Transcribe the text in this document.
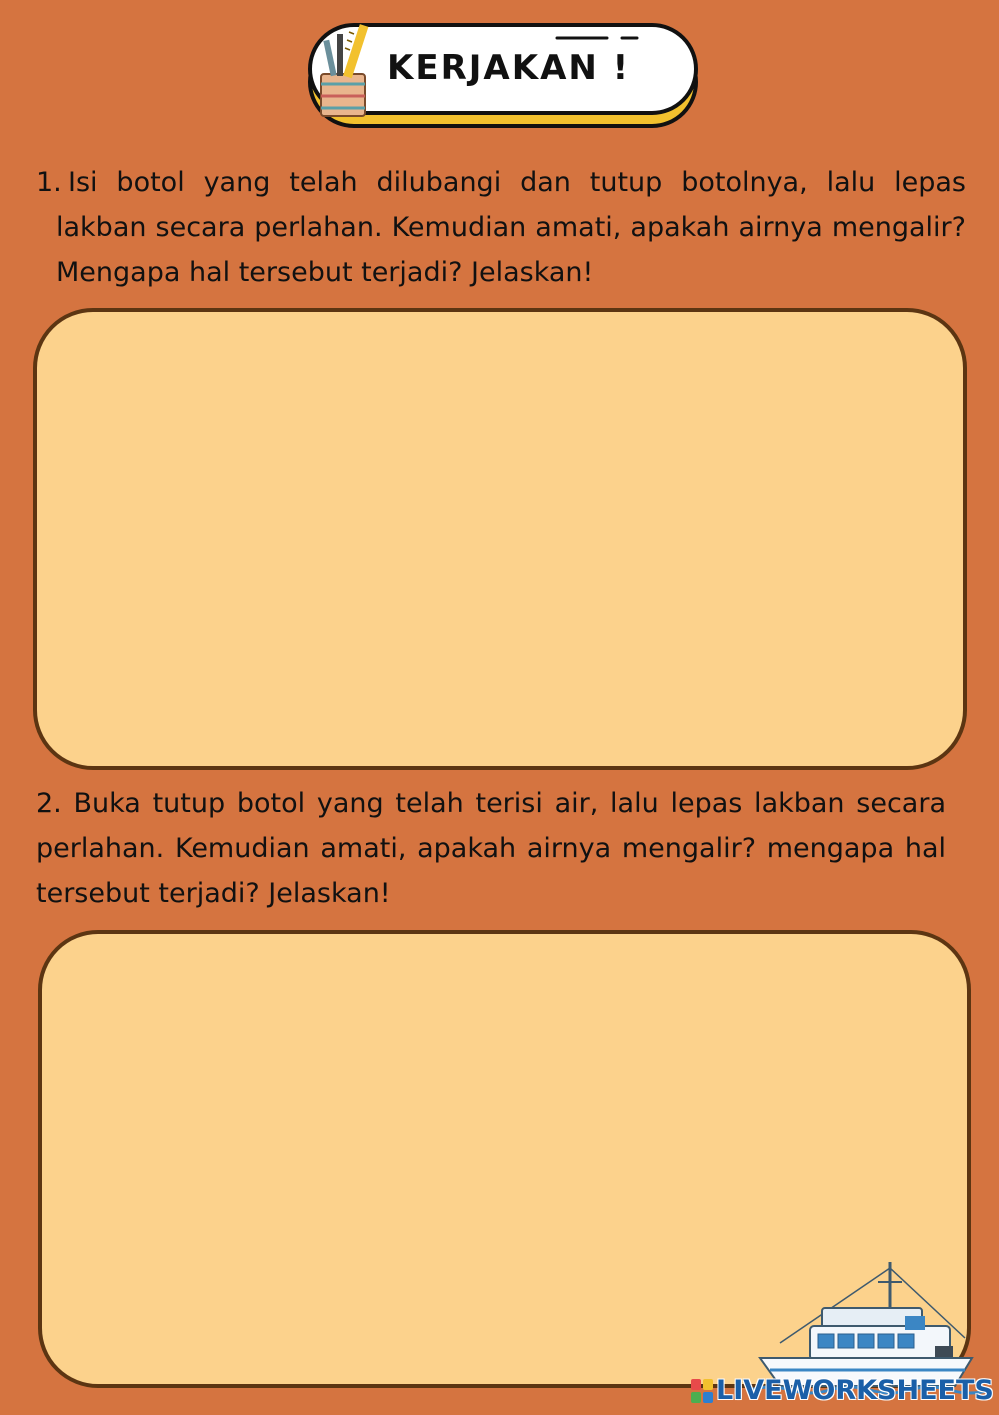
KERJAKAN !
1. Isi botol yang telah dilubangi dan tutup botolnya, lalu lepas lakban secara perlahan. Kemudian amati, apakah airnya mengalir? Mengapa hal tersebut terjadi? Jelaskan!
2. Buka tutup botol yang telah terisi air, lalu lepas lakban secara perlahan. Kemudian amati, apakah airnya mengalir? mengapa hal tersebut terjadi? Jelaskan!
LIVEWORKSHEETS
